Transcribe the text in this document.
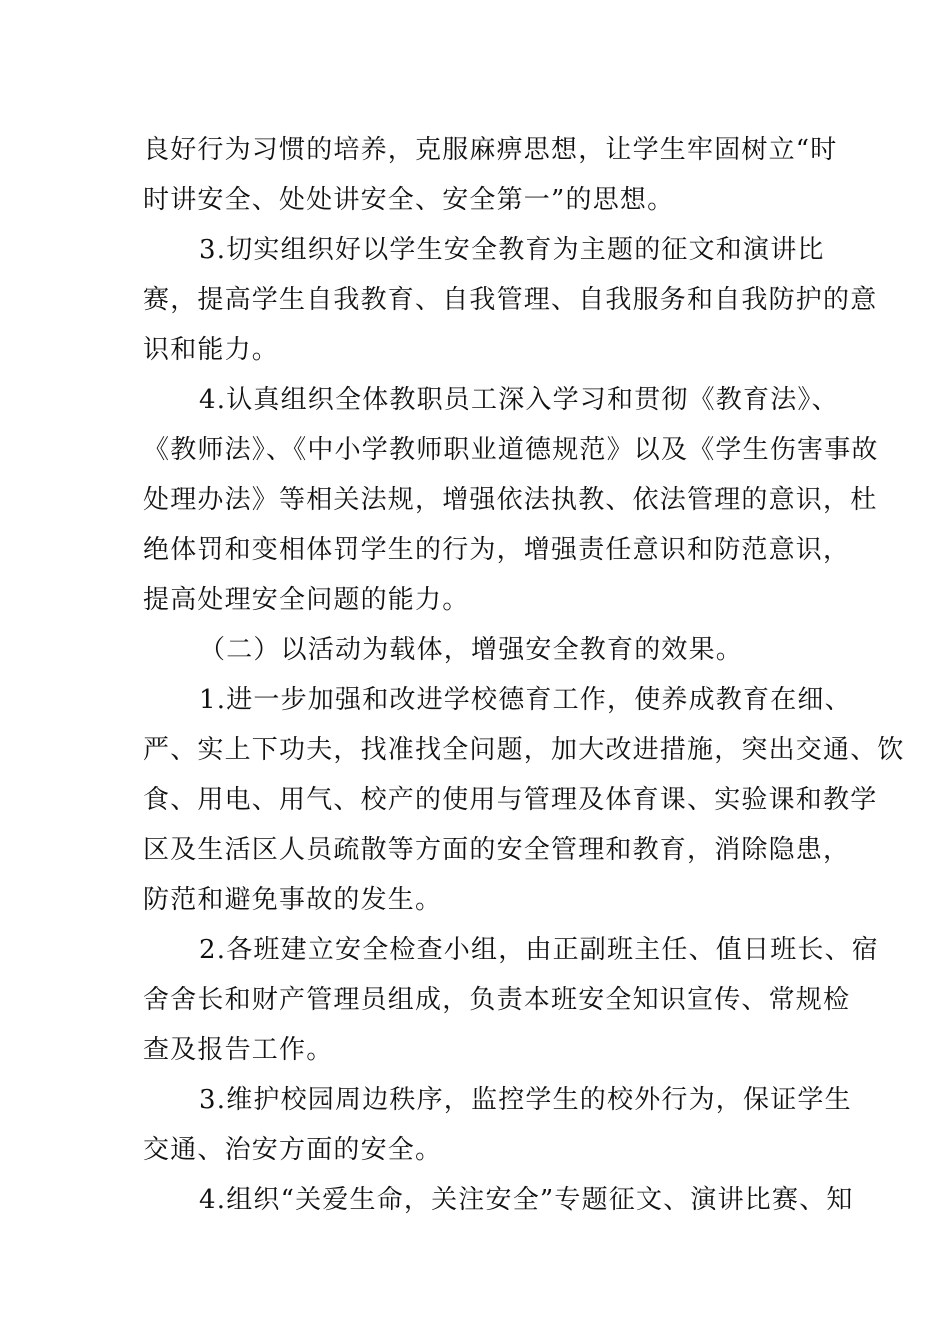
良好行为习惯的培养，克服麻痹思想，让学生牢固树立“时
时讲安全、处处讲安全、安全第一”的思想。
3.切实组织好以学生安全教育为主题的征文和演讲比
赛，提高学生自我教育、自我管理、自我服务和自我防护的意
识和能力。
4.认真组织全体教职员工深入学习和贯彻《教育法》、
《教师法》、《中小学教师职业道德规范》以及《学生伤害事故
处理办法》等相关法规，增强依法执教、依法管理的意识，杜
绝体罚和变相体罚学生的行为，增强责任意识和防范意识，
提高处理安全问题的能力。
（二）以活动为载体，增强安全教育的效果。
1.进一步加强和改进学校德育工作，使养成教育在细、
严、实上下功夫，找准找全问题，加大改进措施，突出交通、饮
食、用电、用气、校产的使用与管理及体育课、实验课和教学
区及生活区人员疏散等方面的安全管理和教育，消除隐患，
防范和避免事故的发生。
2.各班建立安全检查小组，由正副班主任、值日班长、宿
舍舍长和财产管理员组成，负责本班安全知识宣传、常规检
查及报告工作。
3.维护校园周边秩序，监控学生的校外行为，保证学生
交通、治安方面的安全。
4.组织“关爱生命，关注安全”专题征文、演讲比赛、知
